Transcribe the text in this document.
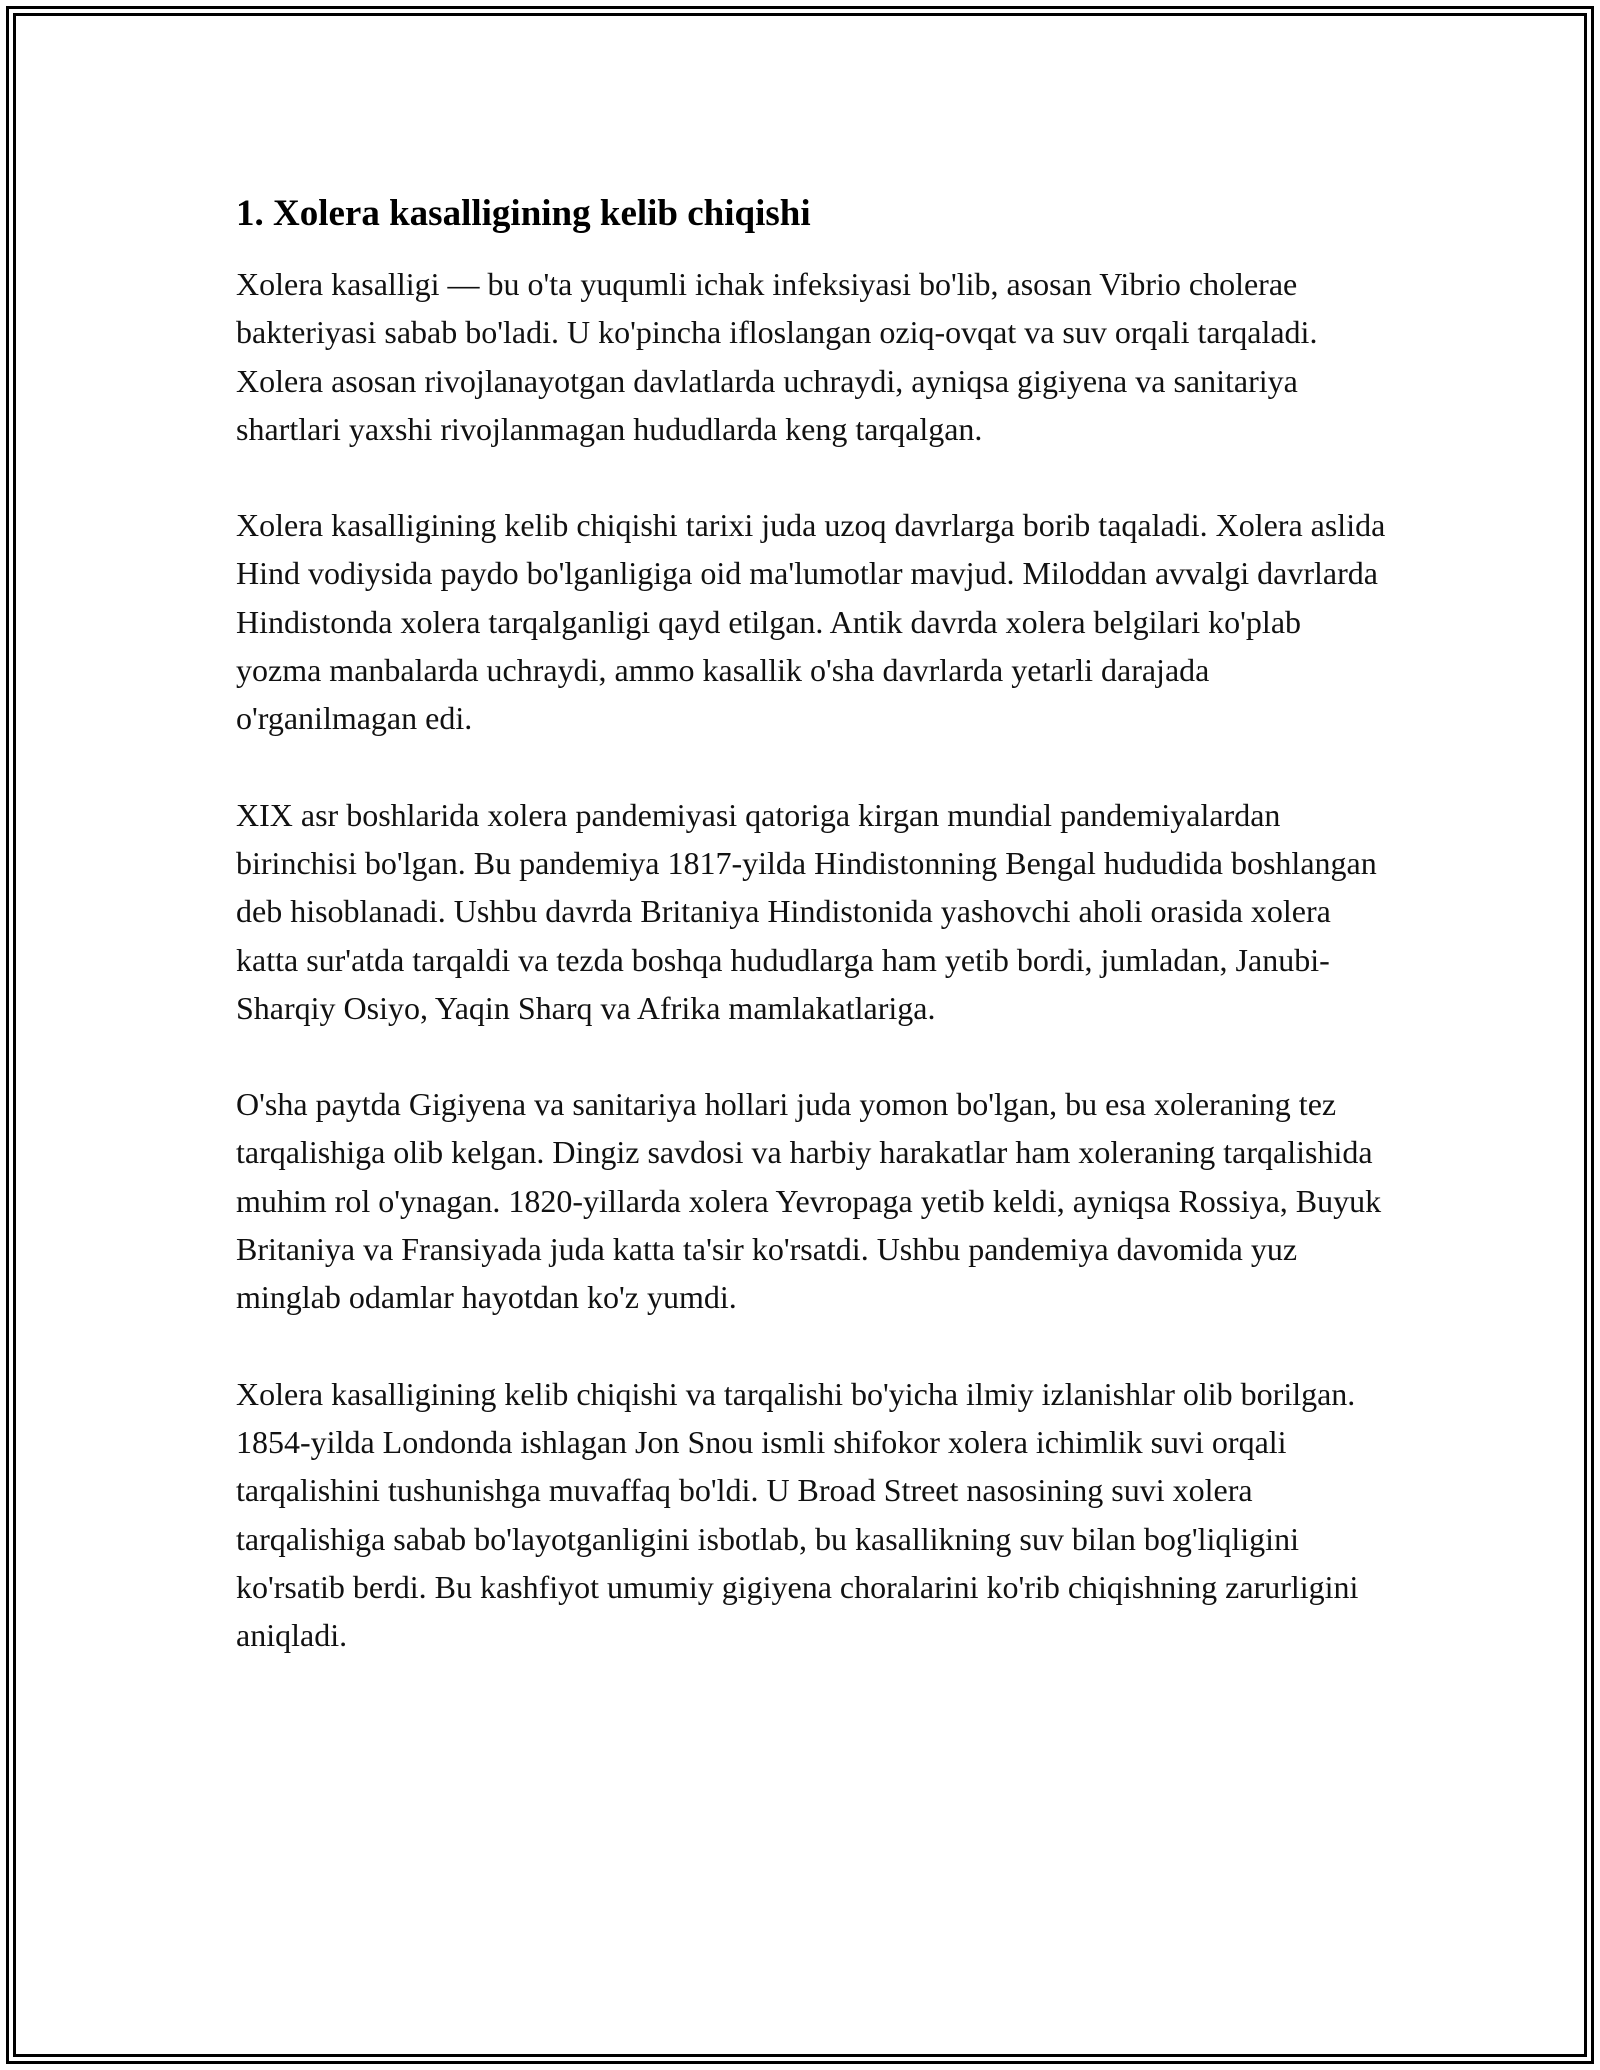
1. Xolera kasalligining kelib chiqishi

Xolera kasalligi — bu o'ta yuqumli ichak infeksiyasi bo'lib, asosan Vibrio cholerae bakteriyasi sabab bo'ladi. U ko'pincha ifloslangan oziq-ovqat va suv orqali tarqaladi. Xolera asosan rivojlanayotgan davlatlarda uchraydi, ayniqsa gigiyena va sanitariya shartlari yaxshi rivojlanmagan hududlarda keng tarqalgan.

Xolera kasalligining kelib chiqishi tarixi juda uzoq davrlarga borib taqaladi. Xolera aslida Hind vodiysida paydo bo'lganligiga oid ma'lumotlar mavjud. Miloddan avvalgi davrlarda Hindistonda xolera tarqalganligi qayd etilgan. Antik davrda xolera belgilari ko'plab yozma manbalarda uchraydi, ammo kasallik o'sha davrlarda yetarli darajada o'rganilmagan edi.

XIX asr boshlarida xolera pandemiyasi qatoriga kirgan mundial pandemiyalardan birinchisi bo'lgan. Bu pandemiya 1817-yilda Hindistonning Bengal hududida boshlangan deb hisoblanadi. Ushbu davrda Britaniya Hindistonida yashovchi aholi orasida xolera katta sur'atda tarqaldi va tezda boshqa hududlarga ham yetib bordi, jumladan, Janubi-Sharqiy Osiyo, Yaqin Sharq va Afrika mamlakatlariga.

O'sha paytda Gigiyena va sanitariya hollari juda yomon bo'lgan, bu esa xoleraning tez tarqalishiga olib kelgan. Dingiz savdosi va harbiy harakatlar ham xoleraning tarqalishida muhim rol o'ynagan. 1820-yillarda xolera Yevropaga yetib keldi, ayniqsa Rossiya, Buyuk Britaniya va Fransiyada juda katta ta'sir ko'rsatdi. Ushbu pandemiya davomida yuz minglab odamlar hayotdan ko'z yumdi.

Xolera kasalligining kelib chiqishi va tarqalishi bo'yicha ilmiy izlanishlar olib borilgan. 1854-yilda Londonda ishlagan Jon Snou ismli shifokor xolera ichimlik suvi orqali tarqalishini tushunishga muvaffaq bo'ldi. U Broad Street nasosining suvi xolera tarqalishiga sabab bo'layotganligini isbotlab, bu kasallikning suv bilan bog'liqligini ko'rsatib berdi. Bu kashfiyot umumiy gigiyena choralarini ko'rib chiqishning zarurligini aniqladi.
